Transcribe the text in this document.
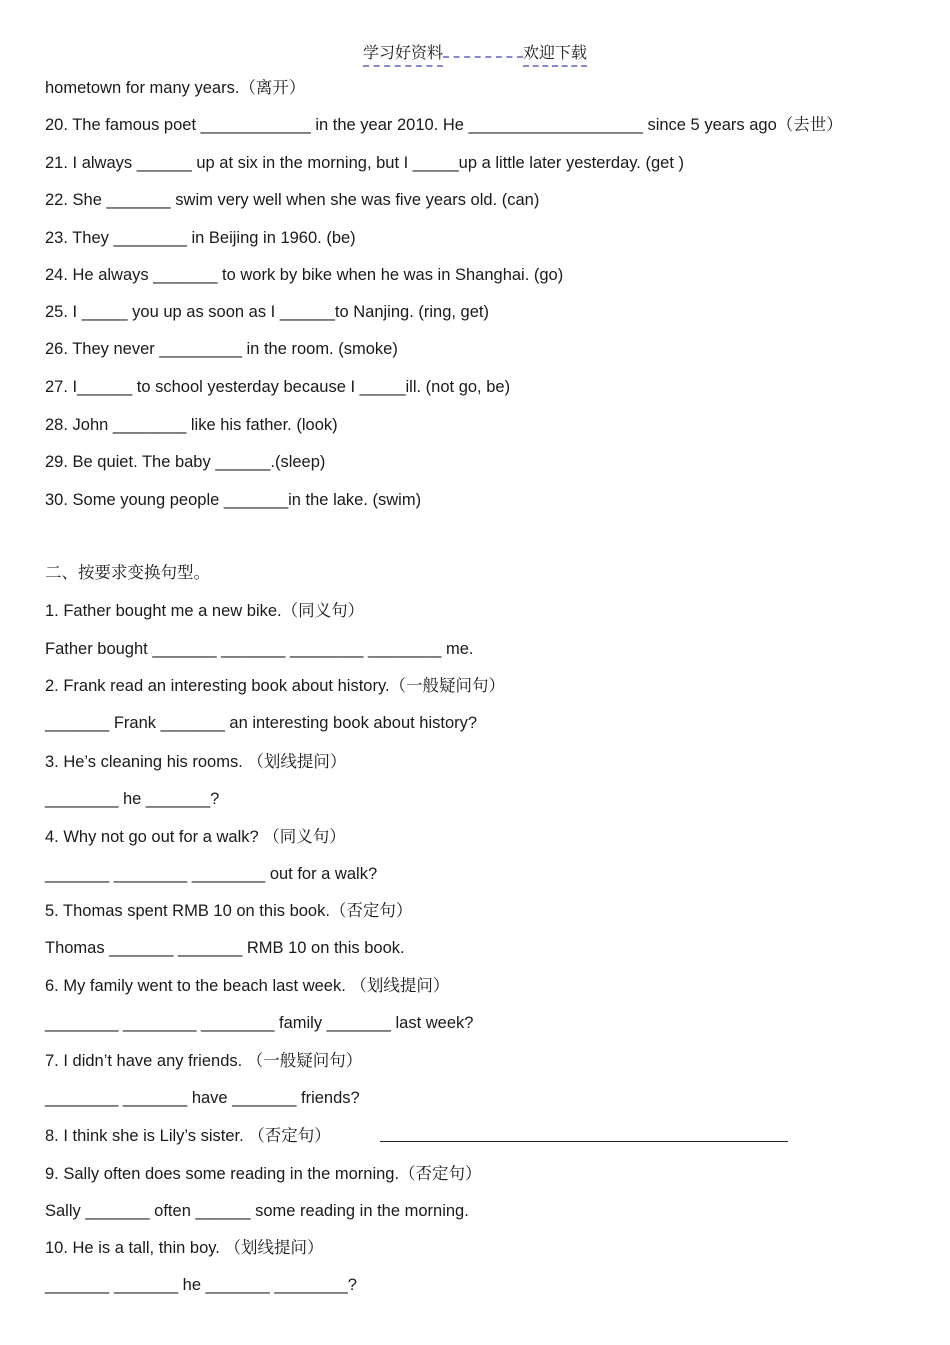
学习好资料	欢迎下载
hometown for many years.（离开）
20. The famous poet ____________ in the year 2010. He ___________________ since 5 years ago（去世）
21. I always ______ up at six in the morning, but I _____up a little later yesterday. (get )
22. She _______ swim very well when she was five years old. (can)
23. They ________ in Beijing in 1960. (be)
24. He always _______ to work by bike when he was in Shanghai. (go)
25. I _____ you up as soon as I ______to Nanjing. (ring, get)
26. They never _________ in the room. (smoke)
27. I______ to school yesterday because I _____ill. (not go, be)
28. John ________ like his father. (look)
29. Be quiet. The baby ______.(sleep)
30. Some young people _______in the lake. (swim)
二、按要求变换句型。
1. Father bought me a new bike.（同义句）
Father bought _______ _______ ________ ________ me.
2. Frank read an interesting book about history.（一般疑问句）
_______ Frank _______ an interesting book about history?
3. He’s cleaning his rooms. （划线提问）
________ he _______?
4. Why not go out for a walk? （同义句）
_______ ________ ________ out for a walk?
5. Thomas spent RMB 10 on this book.（否定句）
Thomas _______ _______ RMB 10 on this book.
6. My family went to the beach last week. （划线提问）
________ ________ ________ family _______ last week?
7. I didn’t have any friends. （一般疑问句）
________ _______ have _______ friends?
8. I think she is Lily’s sister. （否定句）
9. Sally often does some reading in the morning.（否定句）
Sally _______ often ______ some reading in the morning.
10. He is a tall, thin boy. （划线提问）
_______ _______ he _______ ________?
